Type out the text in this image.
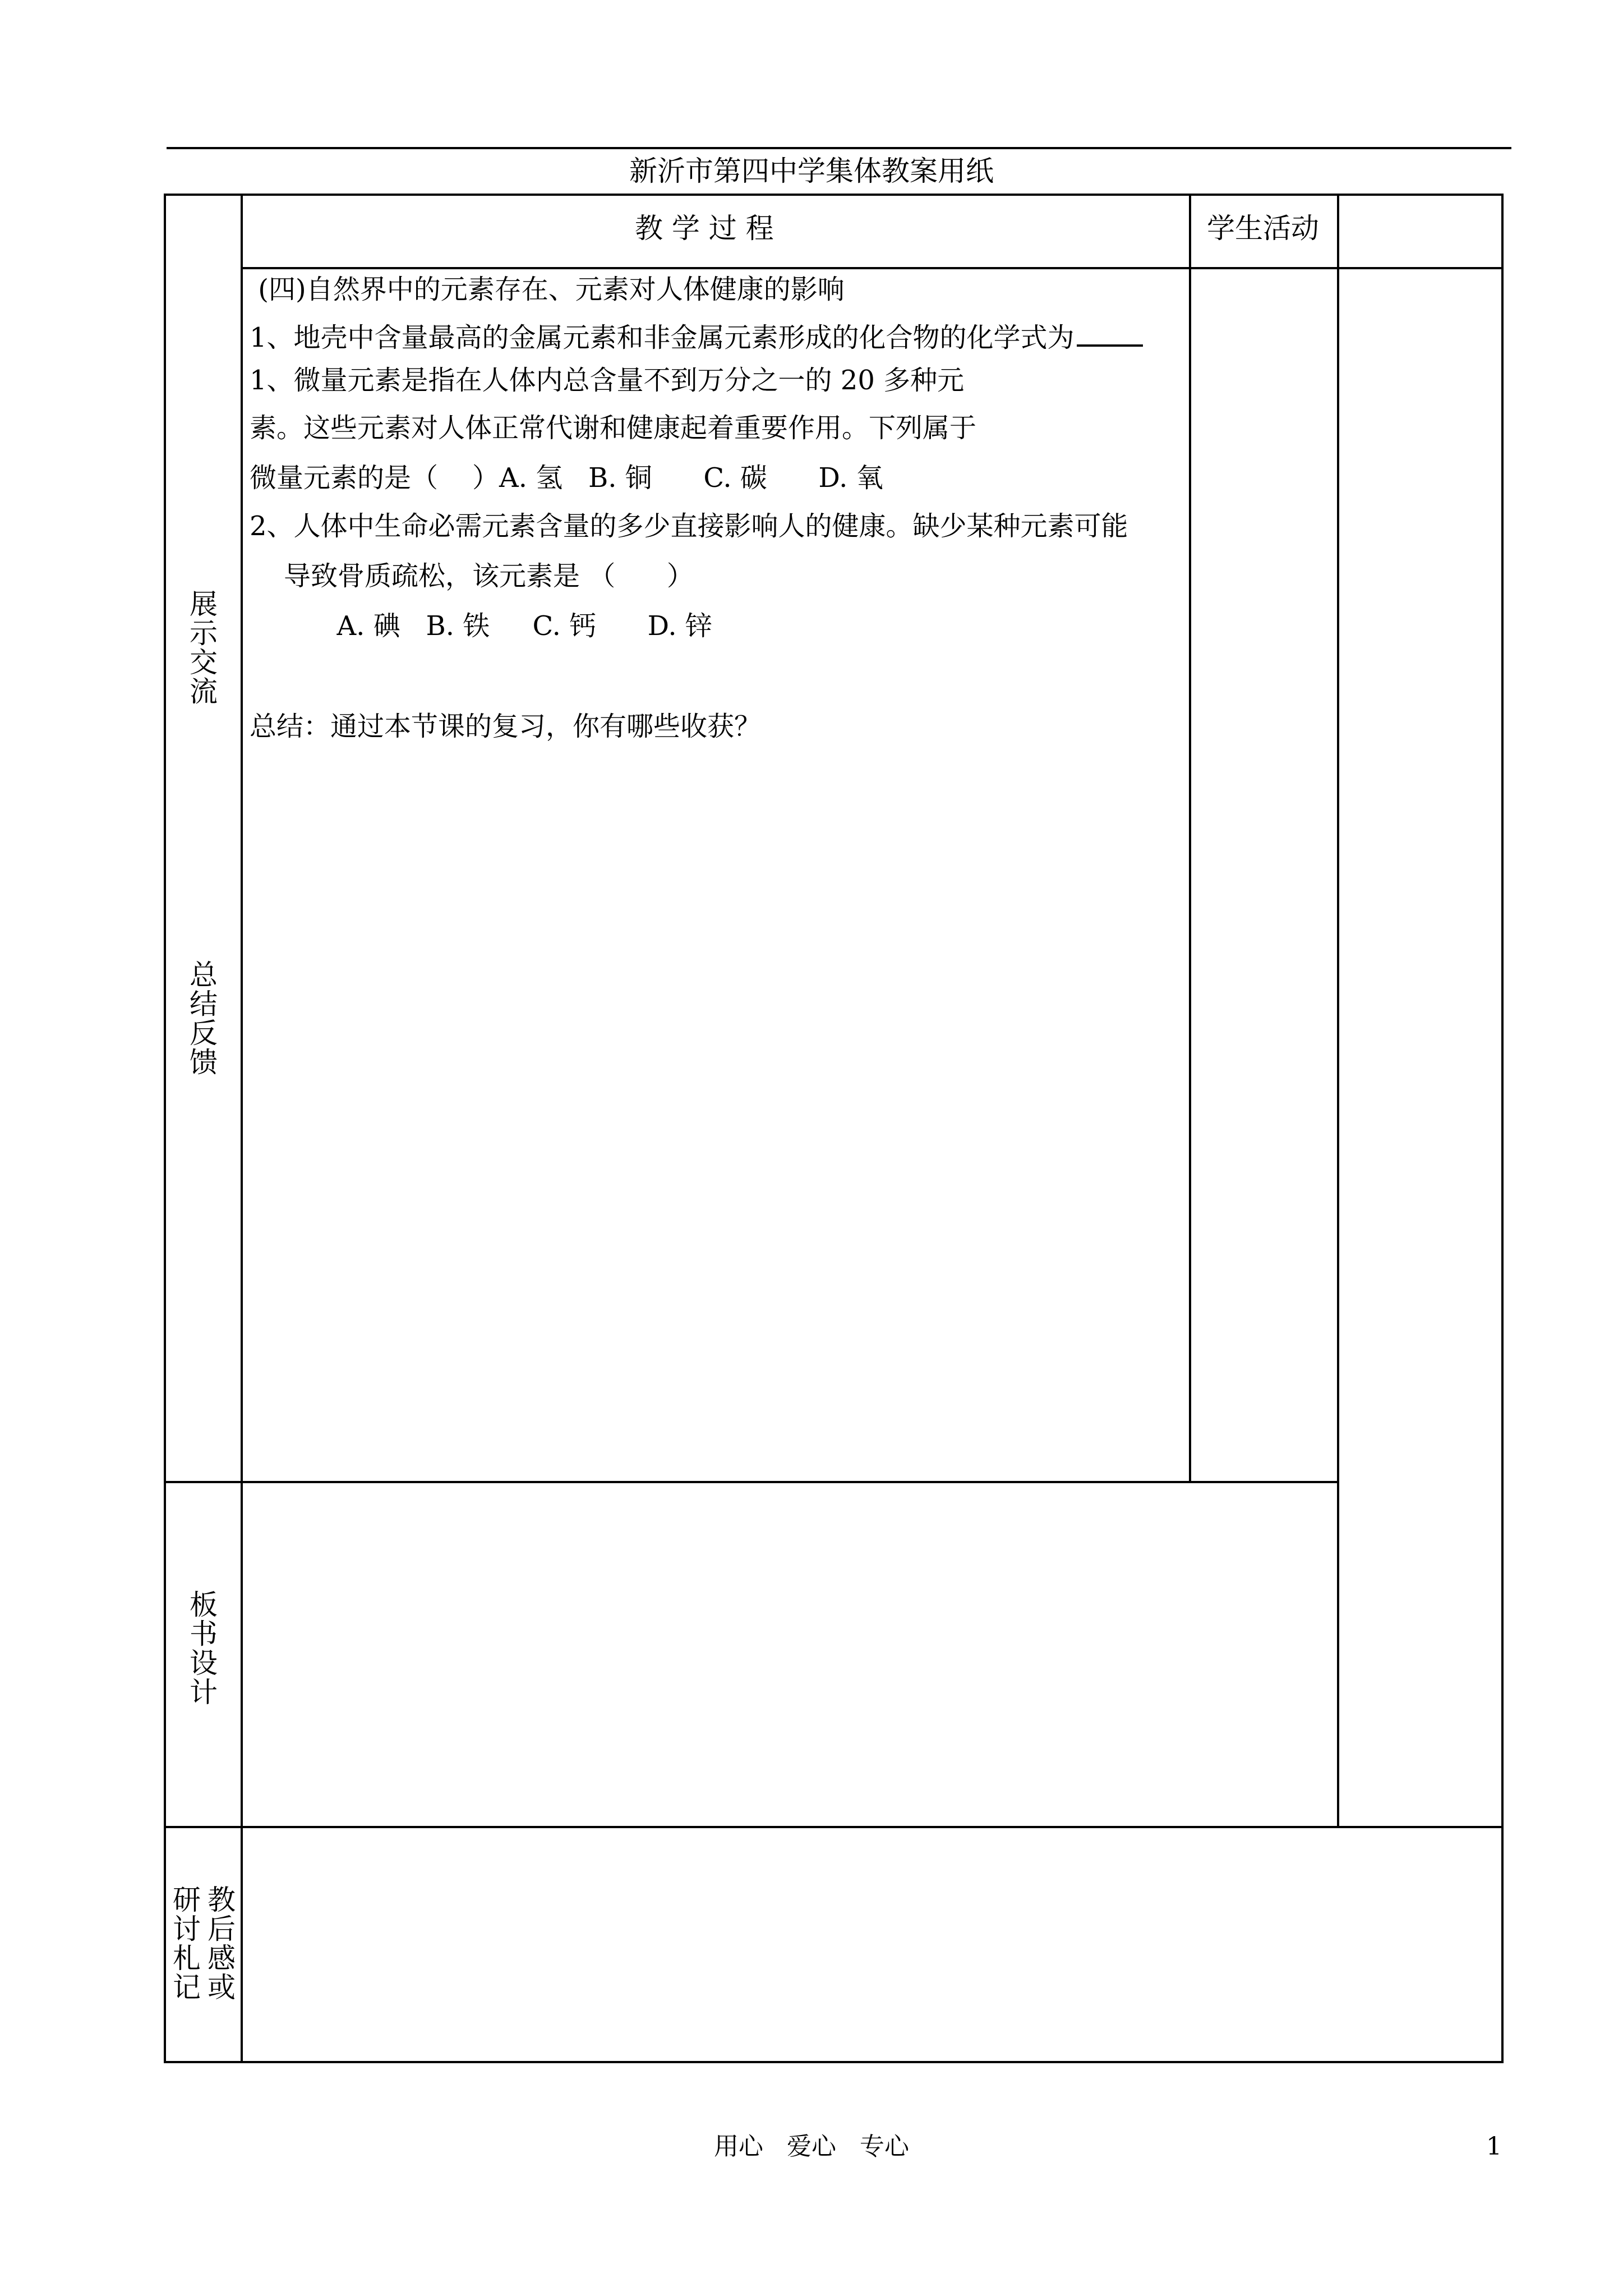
新沂市第四中学集体教案用纸
教 学 过 程	学生活动
展
示
交
流
总
结
反
馈
板
书
设
计
教
后
感
或
研
讨
札
记
(四)自然界中的元素存在、元素对人体健康的影响
1、地壳中含量最高的金属元素和非金属元素形成的化合物的化学式为
1、微量元素是指在人体内总含量不到万分之一的 20 多种元
素。这些元素对人体正常代谢和健康起着重要作用。下列属于
微量元素的是（    ）A. 氢   B. 铜      C. 碳      D. 氧
2、人体中生命必需元素含量的多少直接影响人的健康。缺少某种元素可能
导致骨质疏松，该元素是 （      ）
A. 碘   B. 铁     C. 钙      D. 锌
总结：通过本节课的复习，你有哪些收获？
用心   爱心   专心	1
